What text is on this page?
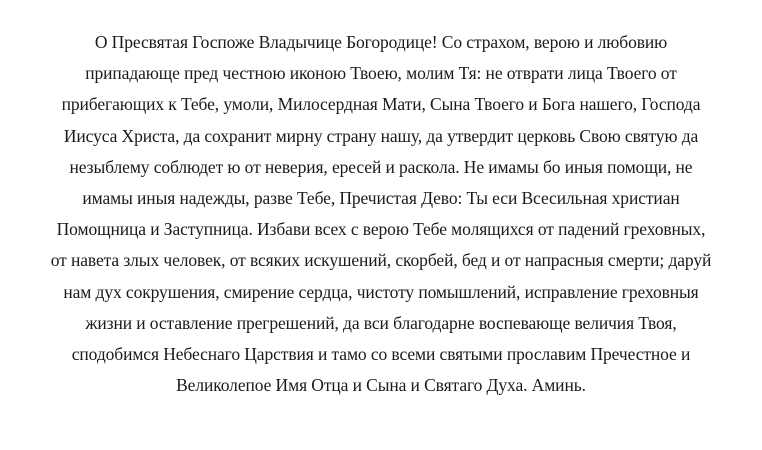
О Пресвятая Госпоже Владычице Богородице! Со страхом, верою и любовию
припадающе пред честною иконою Твоею, молим Тя: не отврати лица Твоего от
прибегающих к Тебе, умоли, Милосердная Мати, Сына Твоего и Бога нашего, Господа
Иисуса Христа, да сохранит мирну страну нашу, да утвердит церковь Свою святую да
незыблему соблюдет ю от неверия, ересей и раскола. Не имамы бо иныя помощи, не
имамы иныя надежды, разве Тебе, Пречистая Дево: Ты еси Всесильная христиан
Помощница и Заступница. Избави всех с верою Тебе молящихся от падений греховных,
от навета злых человек, от всяких искушений, скорбей, бед и от напрасныя смерти; даруй
нам дух сокрушения, смирение сердца, чистоту помышлений, исправление греховныя
жизни и оставление прегрешений, да вси благодарне воспевающе величия Твоя,
сподобимся Небеснаго Царствия и тамо со всеми святыми прославим Пречестное и
Великолепое Имя Отца и Сына и Святаго Духа. Аминь.
